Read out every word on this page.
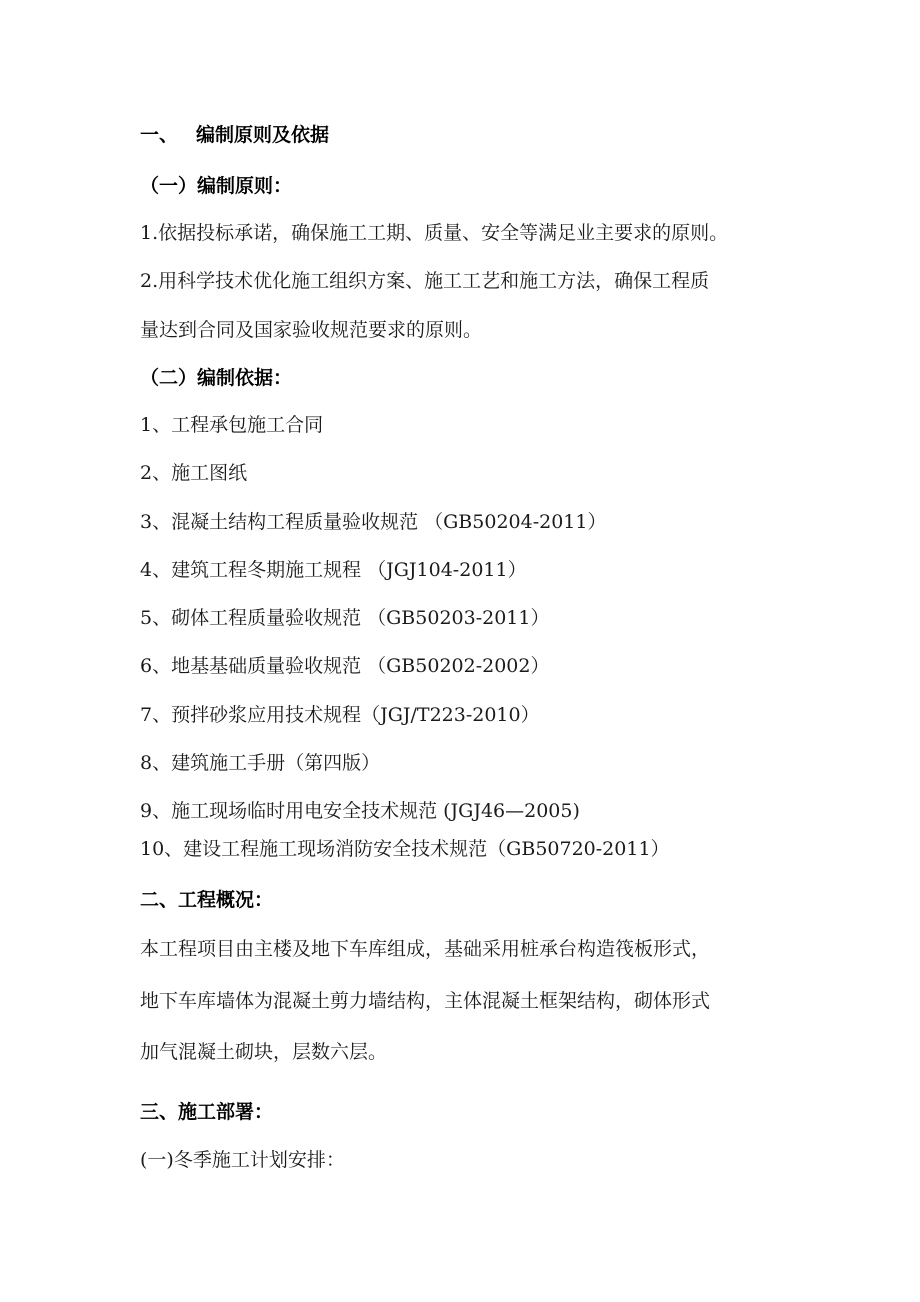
一、 编制原则及依据
（一）编制原则：
1.依据投标承诺，确保施工工期、质量、安全等满足业主要求的原则。
2.用科学技术优化施工组织方案、施工工艺和施工方法，确保工程质
量达到合同及国家验收规范要求的原则。
（二）编制依据：
1、工程承包施工合同
2、施工图纸
3、混凝土结构工程质量验收规范 （GB50204-2011）
4、建筑工程冬期施工规程 （JGJ104-2011）
5、砌体工程质量验收规范 （GB50203-2011）
6、地基基础质量验收规范 （GB50202-2002）
7、预拌砂浆应用技术规程（JGJ/T223-2010）
8、建筑施工手册（第四版）
9、施工现场临时用电安全技术规范 (JGJ46—2005)
10、建设工程施工现场消防安全技术规范（GB50720-2011）
二、工程概况：
本工程项目由主楼及地下车库组成，基础采用桩承台构造筏板形式，
地下车库墙体为混凝土剪力墙结构，主体混凝土框架结构，砌体形式
加气混凝土砌块，层数六层。
三、施工部署：
(一)冬季施工计划安排：
